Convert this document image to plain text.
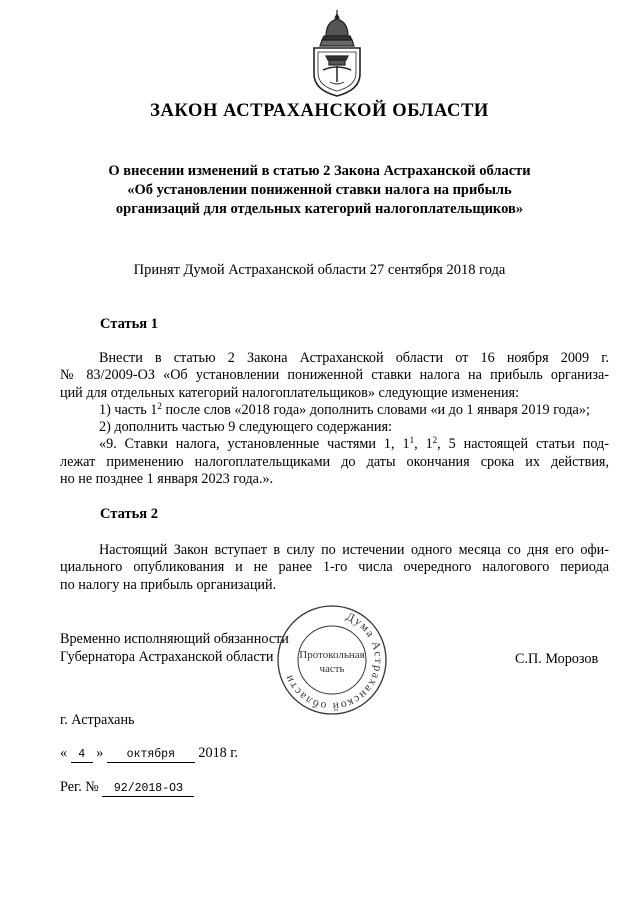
ЗАКОН АСТРАХАНСКОЙ ОБЛАСТИ
О внесении изменений в статью 2 Закона Астраханской области
«Об установлении пониженной ставки налога на прибыль
организаций для отдельных категорий налогоплательщиков»
Принят Думой Астраханской области 27 сентября 2018 года
Статья 1
Внести в статью 2 Закона Астраханской области от 16 ноября 2009 г.
№ 83/2009-ОЗ «Об установлении пониженной ставки налога на прибыль организа-
ций для отдельных категорий налогоплательщиков» следующие изменения:
1) часть $1^2$ после слов «2018 года» дополнить словами «и до 1 января 2019 года»;
2) дополнить частью 9 следующего содержания:
«9. Ставки налога, установленные частями 1, $1^1$, $1^2$, 5 настоящей статьи под-
лежат применению налогоплательщиками до даты окончания срока их действия,
но не позднее 1 января 2023 года.».
Статья 2
Настоящий Закон вступает в силу по истечении одного месяца со дня его офи-
циального опубликования и не ранее 1-го числа очередного налогового периода
по налогу на прибыль организаций.
Временно исполняющий обязанности
Губернатора Астраханской области	С.П. Морозов
Дума Астраханской области
Протокольная
часть
г. Астрахань
« 4 » октября 2018 г.
Рег. № 92/2018-ОЗ
